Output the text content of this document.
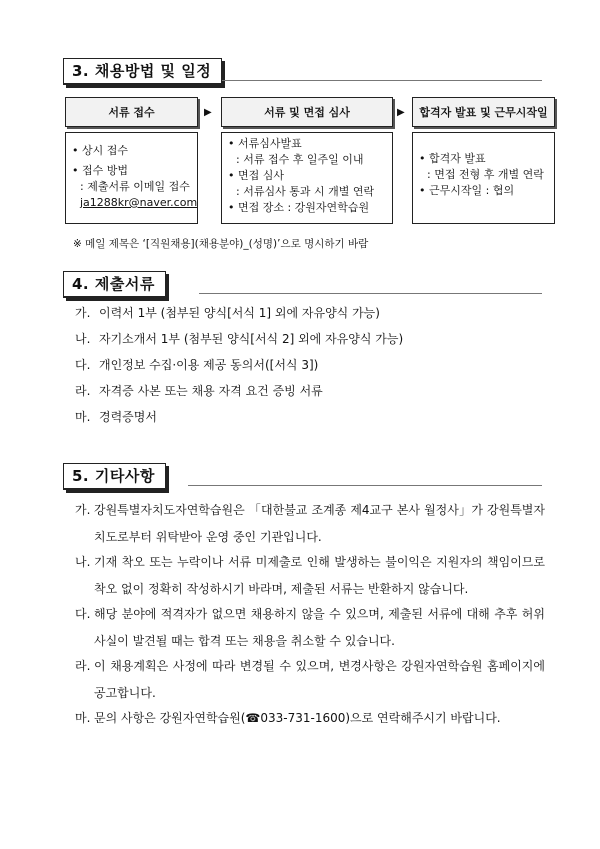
3. 채용방법 및 일정
서류 접수	서류 및 면접 심사	합격자 발표 및 근무시작일
▶	▶
• 상시 접수
• 접수 방법
: 제출서류 이메일 접수
ja1288kr@naver.com
• 서류심사발표
: 서류 접수 후 일주일 이내
• 면접 심사
: 서류심사 통과 시 개별 연락
• 면접 장소 : 강원자연학습원
• 합격자 발표
: 면접 전형 후 개별 연락
• 근무시작일 : 협의
※ 메일 제목은 ‘[직원채용](채용분야)_(성명)’으로 명시하기 바람
4. 제출서류
가. 이력서 1부 (첨부된 양식[서식 1] 외에 자유양식 가능)
나. 자기소개서 1부 (첨부된 양식[서식 2] 외에 자유양식 가능)
다. 개인정보 수집·이용 제공 동의서([서식 3])
라. 자격증 사본 또는 채용 자격 요건 증빙 서류
마. 경력증명서
5. 기타사항
가. 강원특별자치도자연학습원은 「대한불교 조계종 제4교구 본사 월정사」가 강원특별자치도로부터 위탁받아 운영 중인 기관입니다.
나. 기재 착오 또는 누락이나 서류 미제출로 인해 발생하는 불이익은 지원자의 책임이므로 착오 없이 정확히 작성하시기 바라며, 제출된 서류는 반환하지 않습니다.
다. 해당 분야에 적격자가 없으면 채용하지 않을 수 있으며, 제출된 서류에 대해 추후 허위사실이 발견될 때는 합격 또는 채용을 취소할 수 있습니다.
라. 이 채용계획은 사정에 따라 변경될 수 있으며, 변경사항은 강원자연학습원 홈페이지에 공고합니다.
마. 문의 사항은 강원자연학습원(☎033-731-1600)으로 연락해주시기 바랍니다.
